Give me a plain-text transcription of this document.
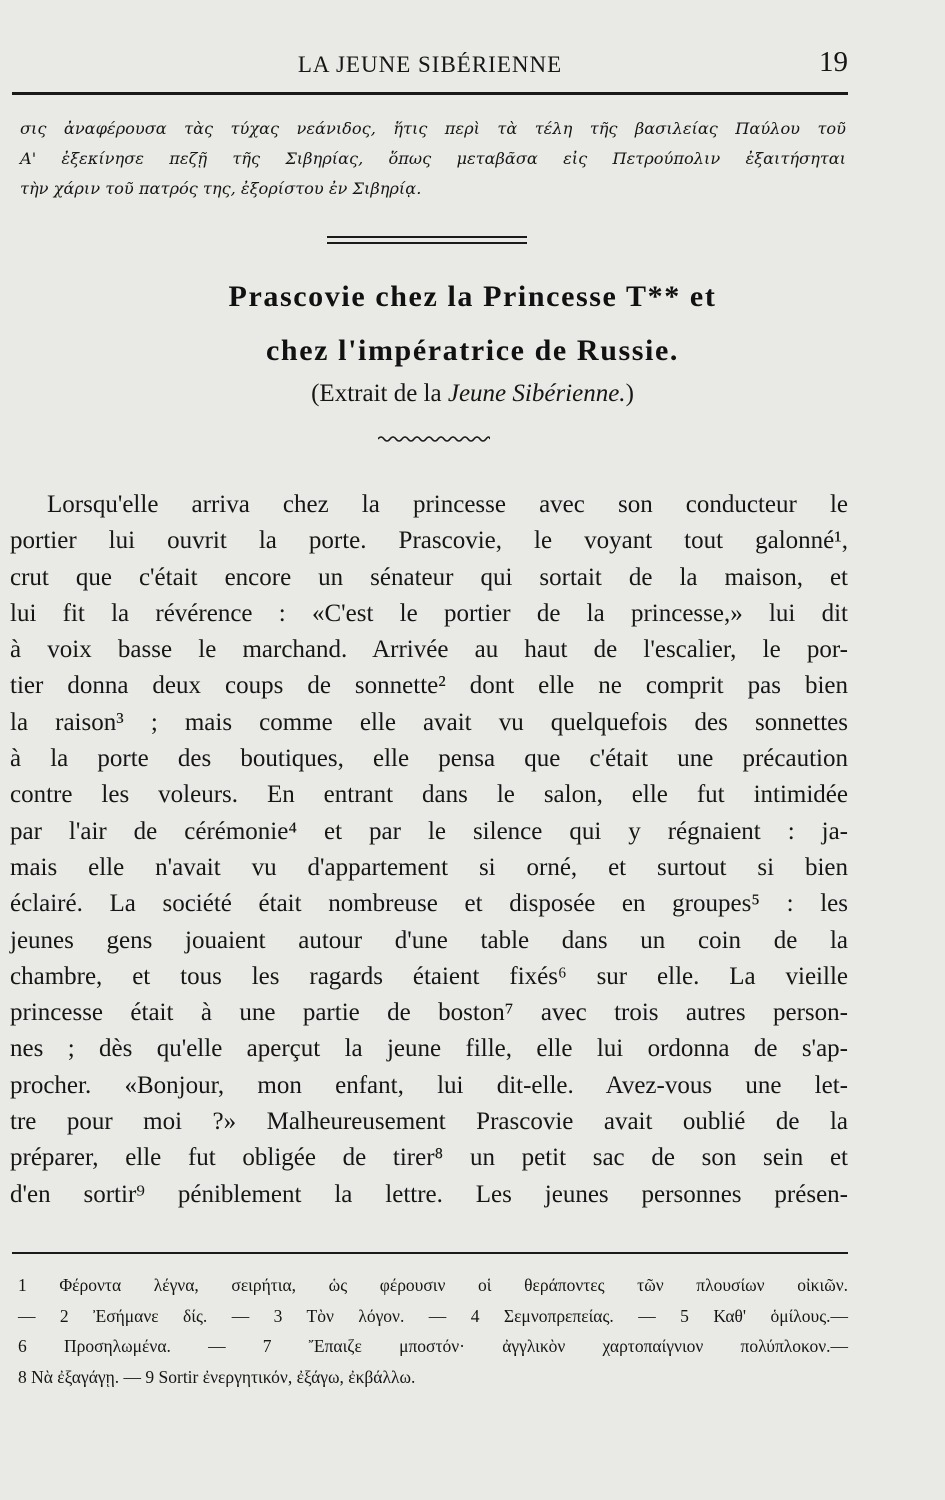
LA JEUNE SIBÉRIENNE	19
σις ἀναφέρουσα τὰς τύχας νεάνιδος, ἥτις περὶ τὰ τέλη τῆς βασιλείας Παύλου τοῦ
Α' ἐξεκίνησε πεζῇ τῆς Σιβηρίας, ὅπως μεταβᾶσα εἰς Πετρούπολιν ἐξαιτήσηται
τὴν χάριν τοῦ πατρός της, ἐξορίστου ἐν Σιβηρίᾳ.
Prascovie chez la Princesse T** et
chez l'impératrice de Russie.
(Extrait de la Jeune Sibérienne.)
Lorsqu'elle arriva chez la princesse avec son conducteur le
portier lui ouvrit la porte. Prascovie, le voyant tout galonné¹,
crut que c'était encore un sénateur qui sortait de la maison, et
lui fit la révérence : «C'est le portier de la princesse,» lui dit
à voix basse le marchand. Arrivée au haut de l'escalier, le por-
tier donna deux coups de sonnette² dont elle ne comprit pas bien
la raison³ ; mais comme elle avait vu quelquefois des sonnettes
à la porte des boutiques, elle pensa que c'était une précaution
contre les voleurs. En entrant dans le salon, elle fut intimidée
par l'air de cérémonie⁴ et par le silence qui y régnaient : ja-
mais elle n'avait vu d'appartement si orné, et surtout si bien
éclairé. La société était nombreuse et disposée en groupes⁵ : les
jeunes gens jouaient autour d'une table dans un coin de la
chambre, et tous les ragards étaient fixés⁶ sur elle. La vieille
princesse était à une partie de boston⁷ avec trois autres person-
nes ; dès qu'elle aperçut la jeune fille, elle lui ordonna de s'ap-
procher. «Bonjour, mon enfant, lui dit-elle. Avez-vous une let-
tre pour moi ?» Malheureusement Prascovie avait oublié de la
préparer, elle fut obligée de tirer⁸ un petit sac de son sein et
d'en sortir⁹ péniblement la lettre. Les jeunes personnes présen-
1 Φέροντα λέγνα, σειρήτια, ὡς φέρουσιν οἱ θεράποντες τῶν πλουσίων οἰκιῶν.
— 2 Ἐσήμανε δίς. — 3 Τὸν λόγον. — 4 Σεμνοπρεπείας. — 5 Καθ' ὁμίλους.—
6 Προσηλωμένα. — 7 Ἔπαιζε μποστόν· ἀγγλικὸν χαρτοπαίγνιον πολύπλοκον.—
8 Νὰ ἐξαγάγῃ. — 9 Sortir ἐνεργητικόν, ἐξάγω, ἐκβάλλω.
